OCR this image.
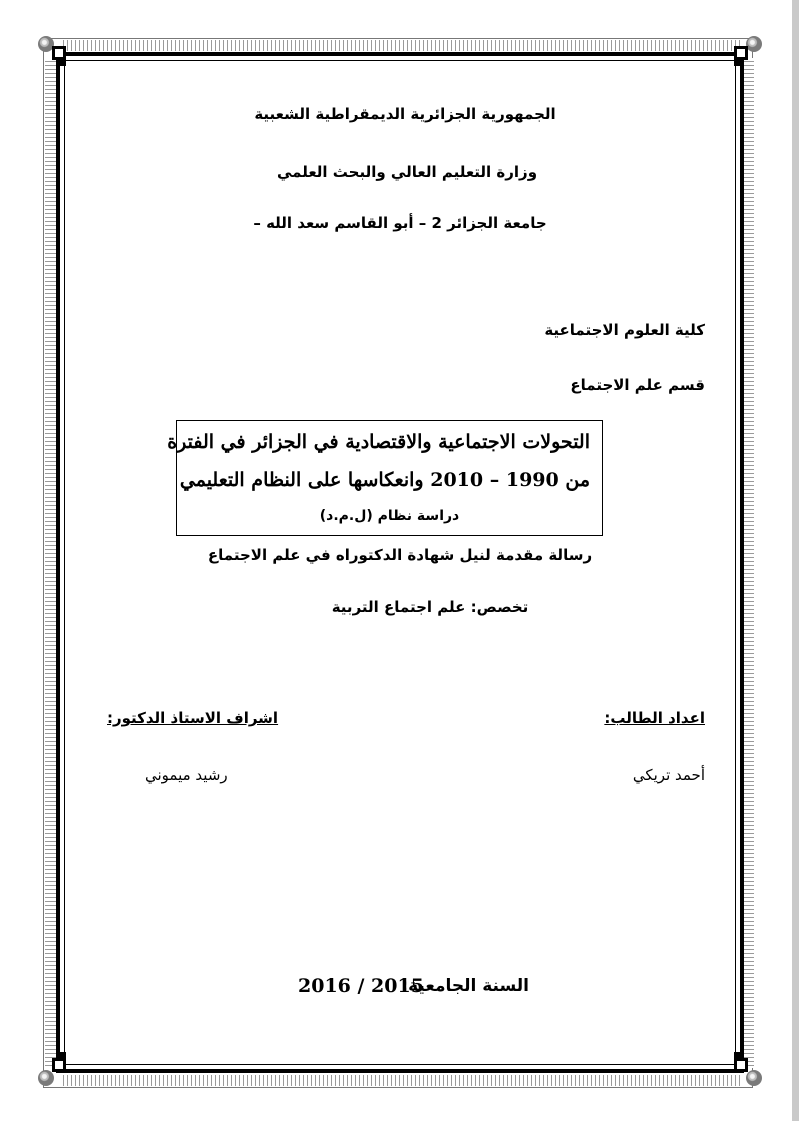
الجمهورية الجزائرية الديمقراطية الشعبية
وزارة التعليم العالي والبحث العلمي
جامعة الجزائر 2 – أبو القاسم سعد الله –
كلية العلوم الاجتماعية
قسم علم الاجتماع
التحولات الاجتماعية والاقتصادية في الجزائر في الفترة
من 1990 – 2010 وانعكاسها على النظام التعليمي
دراسة نظام (ل.م.د)
رسالة مقدمة لنيل شهادة الدكتوراه في علم الاجتماع
تخصص: علم اجتماع التربية
اعداد الطالب:
اشراف الاستاذ الدكتور:
أحمد تريكي
رشيد ميموني
السنة الجامعية:
2016 / 2015
